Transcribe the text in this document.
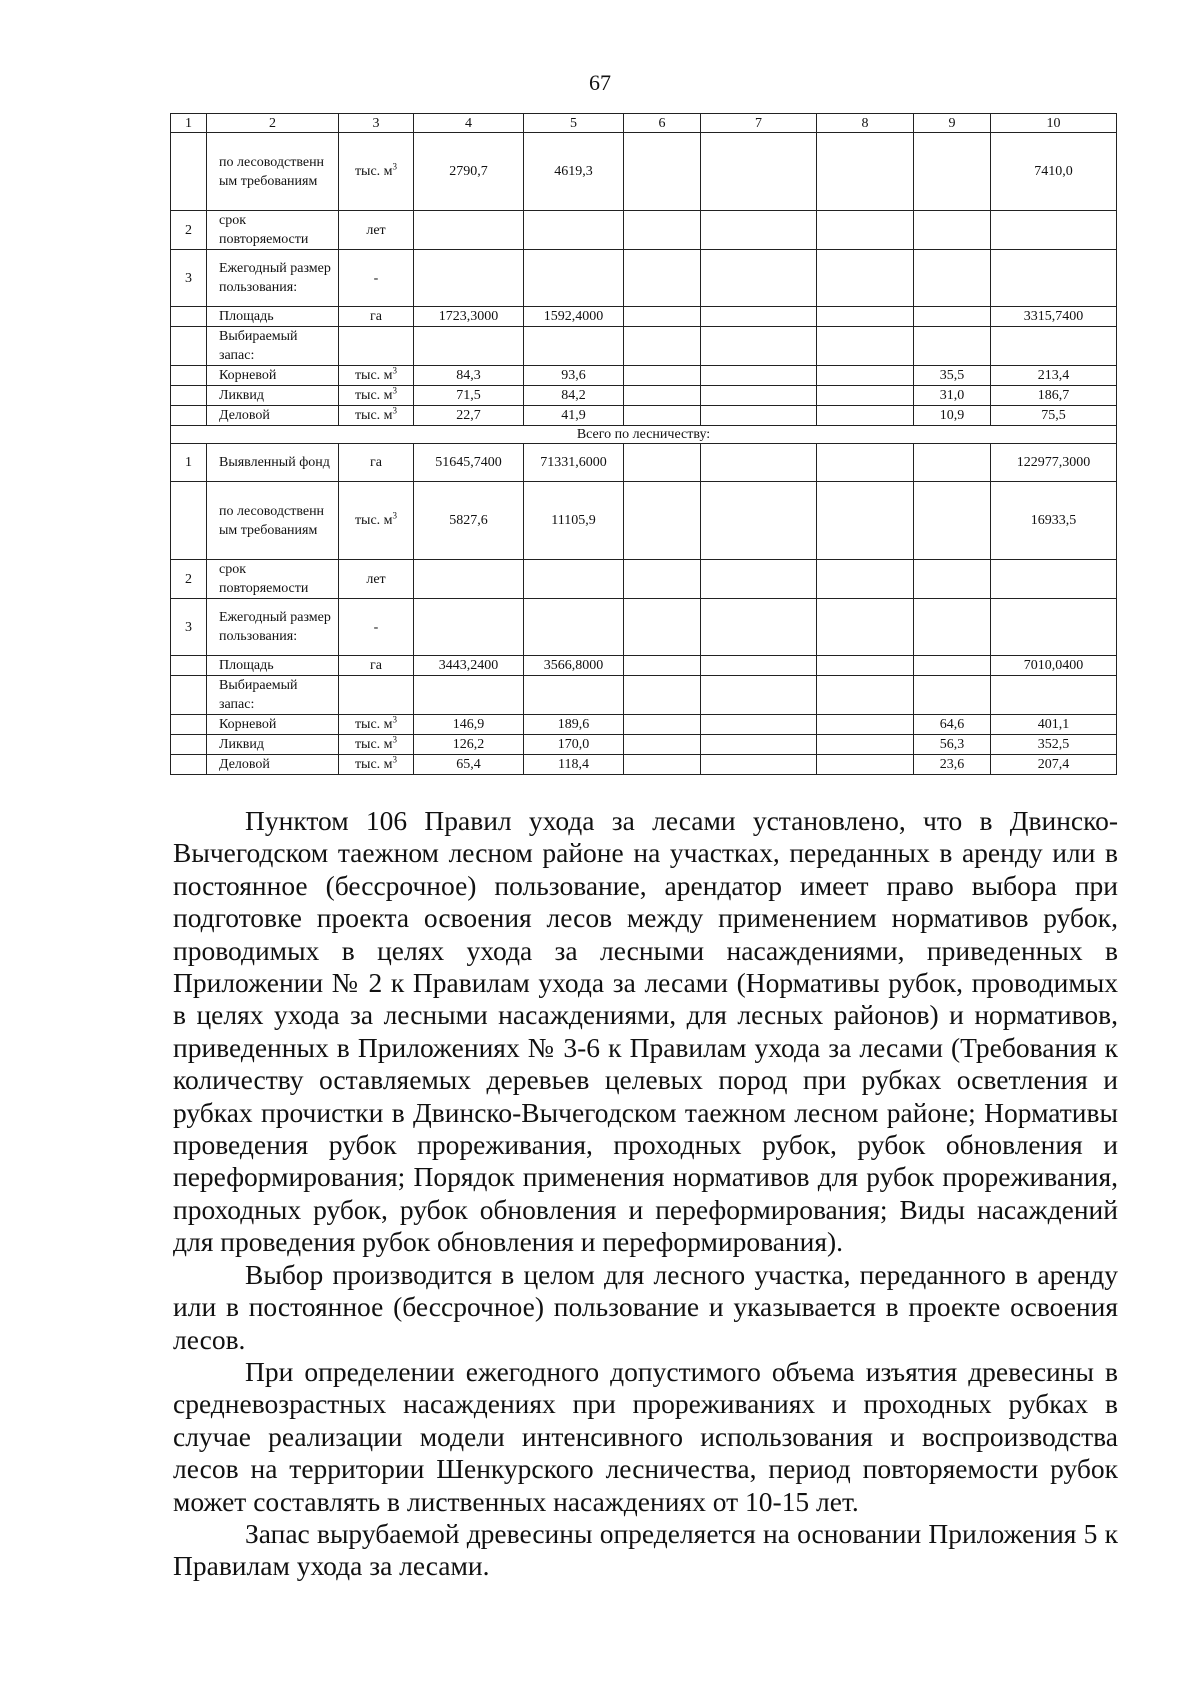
67
1	2	3	4	5	6	7	8	9	10
	по лесоводственн ым требованиям	тыс. $м^3$	2790,7	4619,3					7410,0
2	срок повторяемости	лет							
3	Ежегодный размер пользования:	-							
	Площадь	га	1723,3000	1592,4000					3315,7400
	Выбираемый запас:								
	Корневой	тыс. $м^3$	84,3	93,6				35,5	213,4
	Ликвид	тыс. $м^3$	71,5	84,2				31,0	186,7
	Деловой	тыс. $м^3$	22,7	41,9				10,9	75,5
Всего по лесничеству:									
1	Выявленный фонд	га	51645,7400	71331,6000					122977,3000
	по лесоводственн ым требованиям	тыс. $м^3$	5827,6	11105,9					16933,5
2	срок повторяемости	лет							
3	Ежегодный размер пользования:	-							
	Площадь	га	3443,2400	3566,8000					7010,0400
	Выбираемый запас:								
	Корневой	тыс. $м^3$	146,9	189,6				64,6	401,1
	Ликвид	тыс. $м^3$	126,2	170,0				56,3	352,5
	Деловой	тыс. $м^3$	65,4	118,4				23,6	207,4

Пунктом 106 Правил ухода за лесами установлено, что в Двинско-Вычегодском таежном лесном районе на участках, переданных в аренду или в постоянное (бессрочное) пользование, арендатор имеет право выбора при подготовке проекта освоения лесов между применением нормативов рубок, проводимых в целях ухода за лесными насаждениями, приведенных в Приложении № 2 к Правилам ухода за лесами (Нормативы рубок, проводимых в целях ухода за лесными насаждениями, для лесных районов) и нормативов, приведенных в Приложениях № 3-6 к Правилам ухода за лесами (Требования к количеству оставляемых деревьев целевых пород при рубках осветления и рубках прочистки в Двинско-Вычегодском таежном лесном районе; Нормативы проведения рубок прореживания, проходных рубок, рубок обновления и переформирования; Порядок применения нормативов для рубок прореживания, проходных рубок, рубок обновления и переформирования; Виды насаждений для проведения рубок обновления и переформирования).

Выбор производится в целом для лесного участка, переданного в аренду или в постоянное (бессрочное) пользование и указывается в проекте освоения лесов.

При определении ежегодного допустимого объема изъятия древесины в средневозрастных насаждениях при прореживаниях и проходных рубках в случае реализации модели интенсивного использования и воспроизводства лесов на территории Шенкурского лесничества, период повторяемости рубок может составлять в лиственных насаждениях от 10-15 лет.

Запас вырубаемой древесины определяется на основании Приложения 5 к Правилам ухода за лесами.
